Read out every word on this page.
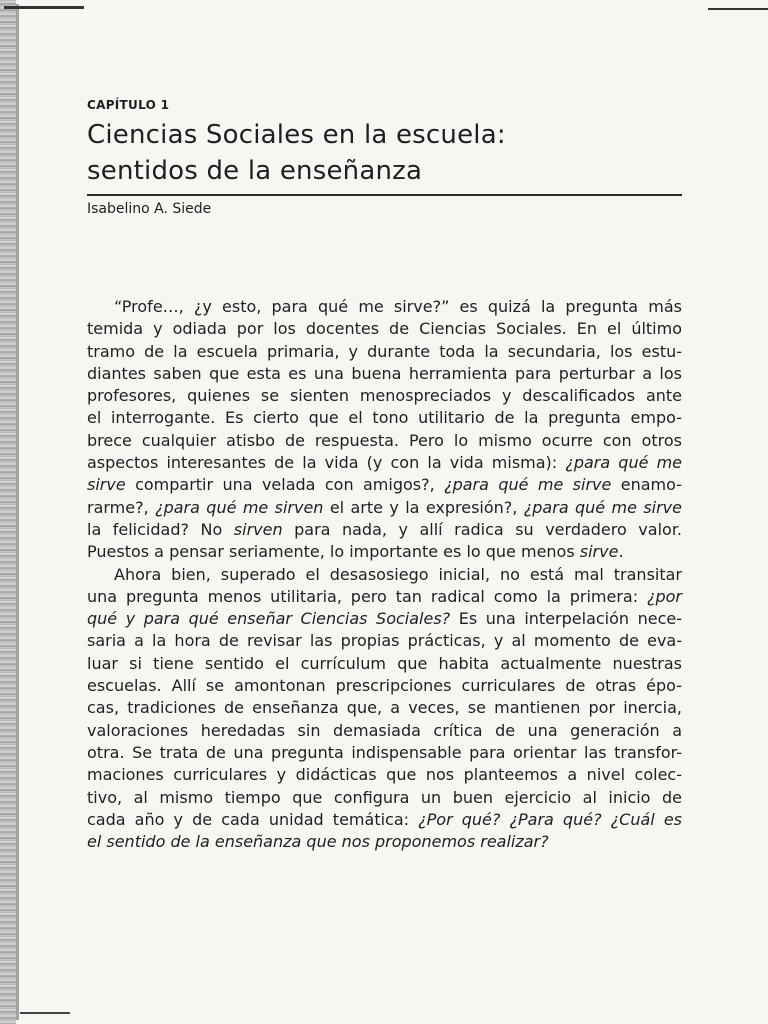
CAPÍTULO 1
Ciencias Sociales en la escuela:
sentidos de la enseñanza
Isabelino A. Siede
“Profe…, ¿y esto, para qué me sirve?” es quizá la pregunta más
temida y odiada por los docentes de Ciencias Sociales. En el último
tramo de la escuela primaria, y durante toda la secundaria, los estu-
diantes saben que esta es una buena herramienta para perturbar a los
profesores, quienes se sienten menospreciados y descalificados ante
el interrogante. Es cierto que el tono utilitario de la pregunta empo-
brece cualquier atisbo de respuesta. Pero lo mismo ocurre con otros
aspectos interesantes de la vida (y con la vida misma): ¿para qué me
sirve compartir una velada con amigos?, ¿para qué me sirve enamo-
rarme?, ¿para qué me sirven el arte y la expresión?, ¿para qué me sirve
la felicidad? No sirven para nada, y allí radica su verdadero valor.
Puestos a pensar seriamente, lo importante es lo que menos sirve.
Ahora bien, superado el desasosiego inicial, no está mal transitar
una pregunta menos utilitaria, pero tan radical como la primera: ¿por
qué y para qué enseñar Ciencias Sociales? Es una interpelación nece-
saria a la hora de revisar las propias prácticas, y al momento de eva-
luar si tiene sentido el currículum que habita actualmente nuestras
escuelas. Allí se amontonan prescripciones curriculares de otras épo-
cas, tradiciones de enseñanza que, a veces, se mantienen por inercia,
valoraciones heredadas sin demasiada crítica de una generación a
otra. Se trata de una pregunta indispensable para orientar las transfor-
maciones curriculares y didácticas que nos planteemos a nivel colec-
tivo, al mismo tiempo que configura un buen ejercicio al inicio de
cada año y de cada unidad temática: ¿Por qué? ¿Para qué? ¿Cuál es
el sentido de la enseñanza que nos proponemos realizar?
